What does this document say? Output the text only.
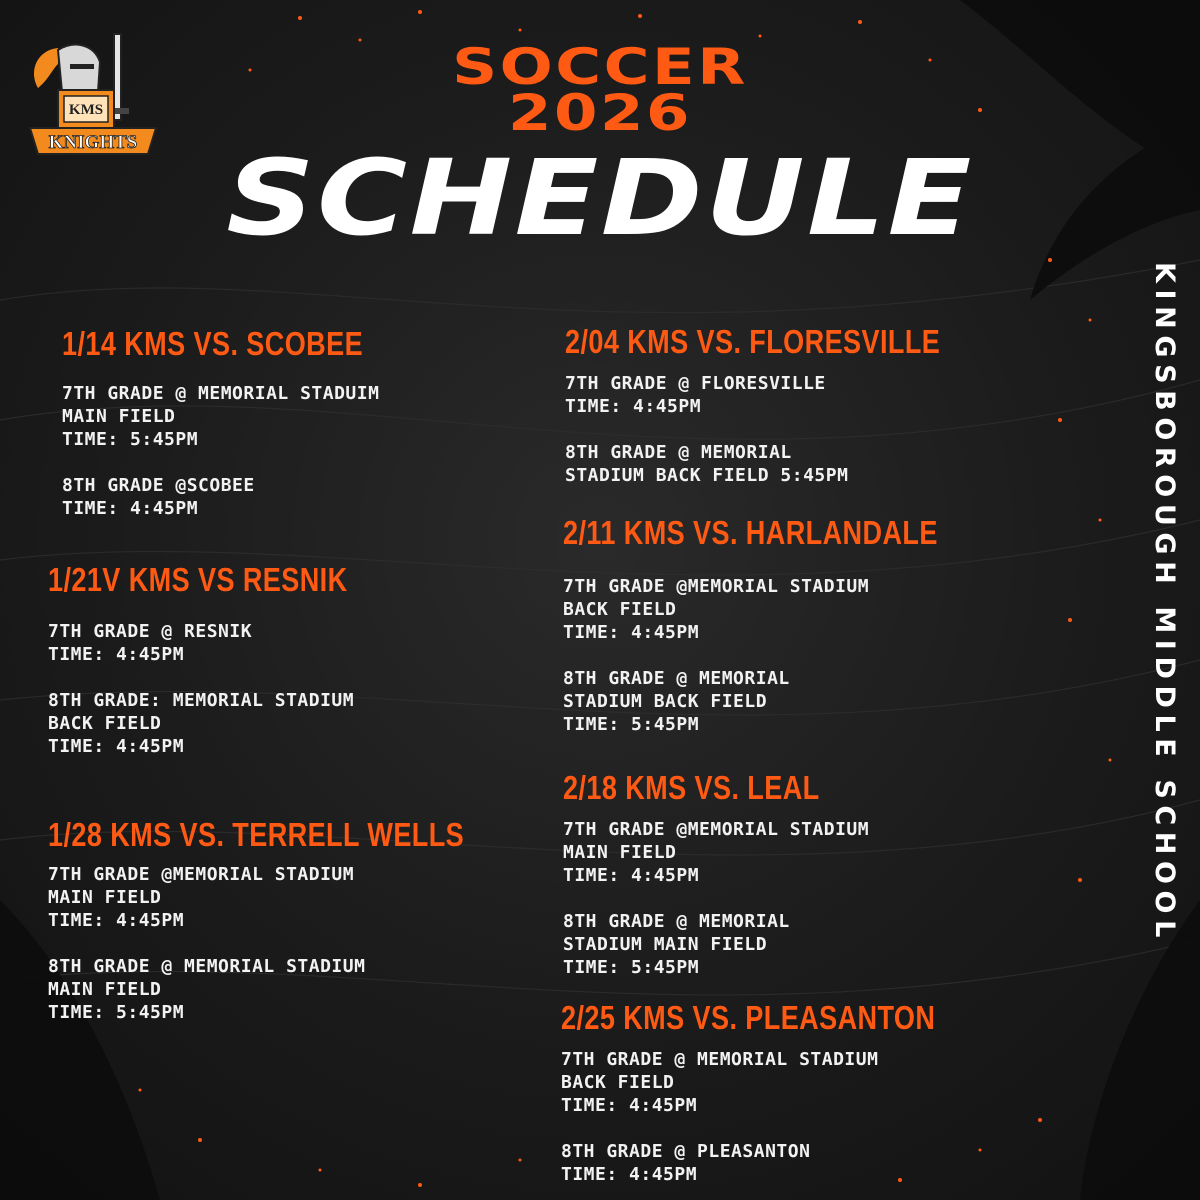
KMS
KNIGHTS
SOCCER
2026
SCHEDULE
KINGSBOROUGH MIDDLE SCHOOL
1/14 KMS VS. SCOBEE
7TH GRADE @ MEMORIAL STADUIM
MAIN FIELD
TIME: 5:45PM
8TH GRADE @SCOBEE
TIME: 4:45PM
1/21V KMS VS RESNIK
7TH GRADE @ RESNIK
TIME: 4:45PM
8TH GRADE: MEMORIAL STADIUM
BACK FIELD
TIME: 4:45PM
1/28 KMS VS. TERRELL WELLS
7TH GRADE @MEMORIAL STADIUM
MAIN FIELD
TIME: 4:45PM
8TH GRADE @ MEMORIAL STADIUM
MAIN FIELD
TIME: 5:45PM
2/04 KMS VS. FLORESVILLE
7TH GRADE @ FLORESVILLE
TIME: 4:45PM
8TH GRADE @ MEMORIAL
STADIUM BACK FIELD 5:45PM
2/11 KMS VS. HARLANDALE
7TH GRADE @MEMORIAL STADIUM
BACK FIELD
TIME: 4:45PM
8TH GRADE @ MEMORIAL
STADIUM BACK FIELD
TIME: 5:45PM
2/18 KMS VS. LEAL
7TH GRADE @MEMORIAL STADIUM
MAIN FIELD
TIME: 4:45PM
8TH GRADE @ MEMORIAL
STADIUM MAIN FIELD
TIME: 5:45PM
2/25 KMS VS. PLEASANTON
7TH GRADE @ MEMORIAL STADIUM
BACK FIELD
TIME: 4:45PM
8TH GRADE @ PLEASANTON
TIME: 4:45PM
